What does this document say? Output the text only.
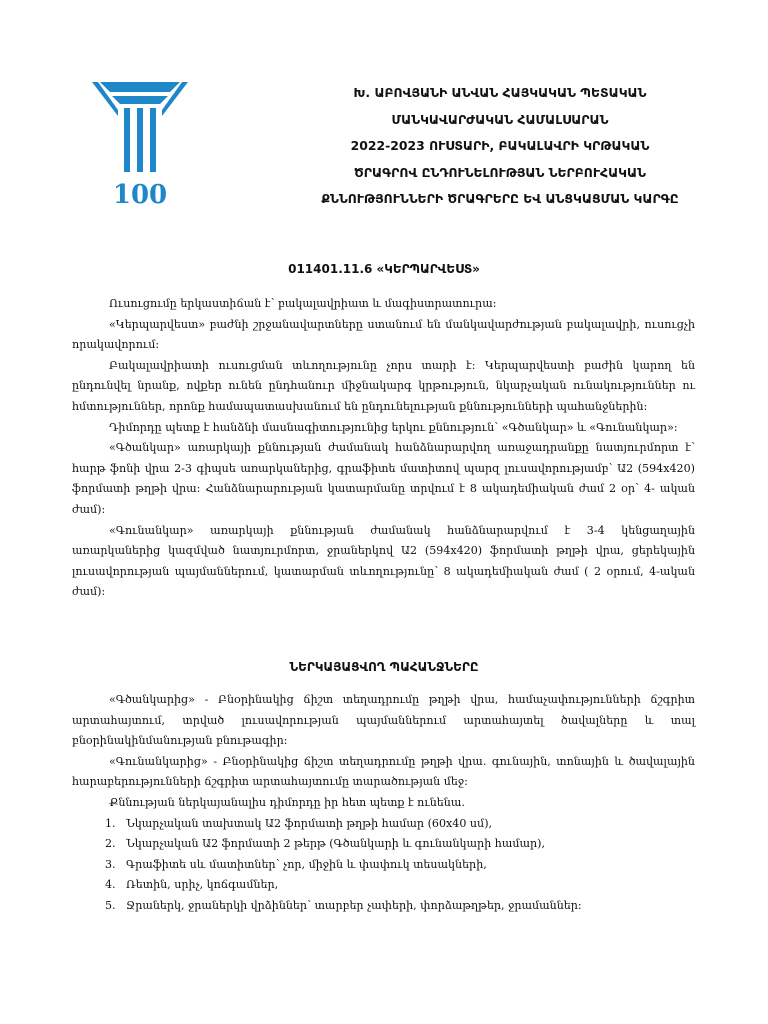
100
Խ. ԱԲՈՎՅԱՆԻ ԱՆՎԱՆ ՀԱՅԿԱԿԱՆ ՊԵՏԱԿԱՆ
ՄԱՆԿԱՎԱՐԺԱԿԱՆ ՀԱՄԱԼՍԱՐԱՆ
2022-2023 ՈՒՍՏԱՐԻ, ԲԱԿԱԼԱՎՐԻ ԿՐԹԱԿԱՆ
ԾՐԱԳՐՈՎ ԸՆԴՈՒՆԵԼՈՒԹՅԱՆ ՆԵՐԲՈՒՀԱԿԱՆ
ՔՆՆՈՒԹՅՈՒՆՆԵՐԻ ԾՐԱԳՐԵՐԸ ԵՎ ԱՆՑԿԱՑՄԱՆ ԿԱՐԳԸ
011401.11.6 «ԿԵՐՊԱՐՎԵՍՏ»

Ուսուցումը երկաստիճան է՝ բակալավրիատ և մագիստրատուրա:

«Կերպարվեստ» բաժնի շրջանավարտները ստանում են մանկավարժության բակալավրի, ուսուցչի որակավորում:

Բակալավրիատի ուսուցման տևողությունը չորս տարի է: Կերպարվեստի բաժին կարող են ընդունվել նրանք, ովքեր ունեն ընդհանուր միջնակարգ կրթություն, նկարչական ունակություններ ու հմտություններ, որոնք համապատասխանում են ընդունելության քննությունների պահանջներին:

Դիմորդը պետք է հանձնի մասնագիտությունից երկու քննություն՝ «Գծանկար» և «Գունանկար»:

«Գծանկար» առարկայի քննության ժամանակ հանձնարարվող առաջադրանքը նատյուրմորտ է՝ հարթ ֆոնի վրա 2-3 գիպսե առարկաներից, գրաֆիտե մատիտով պարզ լուսավորությամբ՝ Ա2 (594x420) ֆորմատի թղթի վրա: Հանձնարարության կատարմանը տրվում է 8 ակադեմիական ժամ 2 օր՝ 4- ական ժամ):

«Գունանկար» առարկայի քննության ժամանակ հանձնարարվում է 3-4 կենցաղային առարկաներից կազմված նատյուրմորտ, ջրաներկով Ա2 (594x420) ֆորմատի թղթի վրա, ցերեկային լուսավորության պայմաններում, կատարման տևողությունը՝ 8 ակադեմիական ժամ ( 2 օրում, 4-ական ժամ):

ՆԵՐԿԱՅԱՑՎՈՂ ՊԱՀԱՆՋՆԵՐԸ

«Գծանկարից» - Բնօրինակից ճիշտ տեղադրումը թղթի վրա, համաչափությունների ճշգրիտ արտահայտում, տրված լուսավորության պայմաններում արտահայտել ծավալները և տալ բնօրինակինմանության բնութագիր:

«Գունանկարից» - Բնօրինակից ճիշտ տեղադրումը թղթի վրա. գունային, տոնային և ծավալային հարաբերությունների ճշգրիտ արտահայտումը տարածության մեջ:

Քննության ներկայանալիս դիմորդը իր հետ պետք է ունենա.

1. Նկարչական տախտակ Ա2 ֆորմատի թղթի համար (60x40 սմ),
2. Նկարչական Ա2 ֆորմատի 2 թերթ (Գծանկարի և գունանկարի համար),
3. Գրաֆիտե սև մատիտներ՝ չոր, միջին և փափուկ տեսակների,
4. Ռետին, սրիչ, կոճգամներ,
5. Ջրաներկ, ջրաներկի վրձիններ՝ տարբեր չափերի, փորձաթղթեր, ջրամաններ:
